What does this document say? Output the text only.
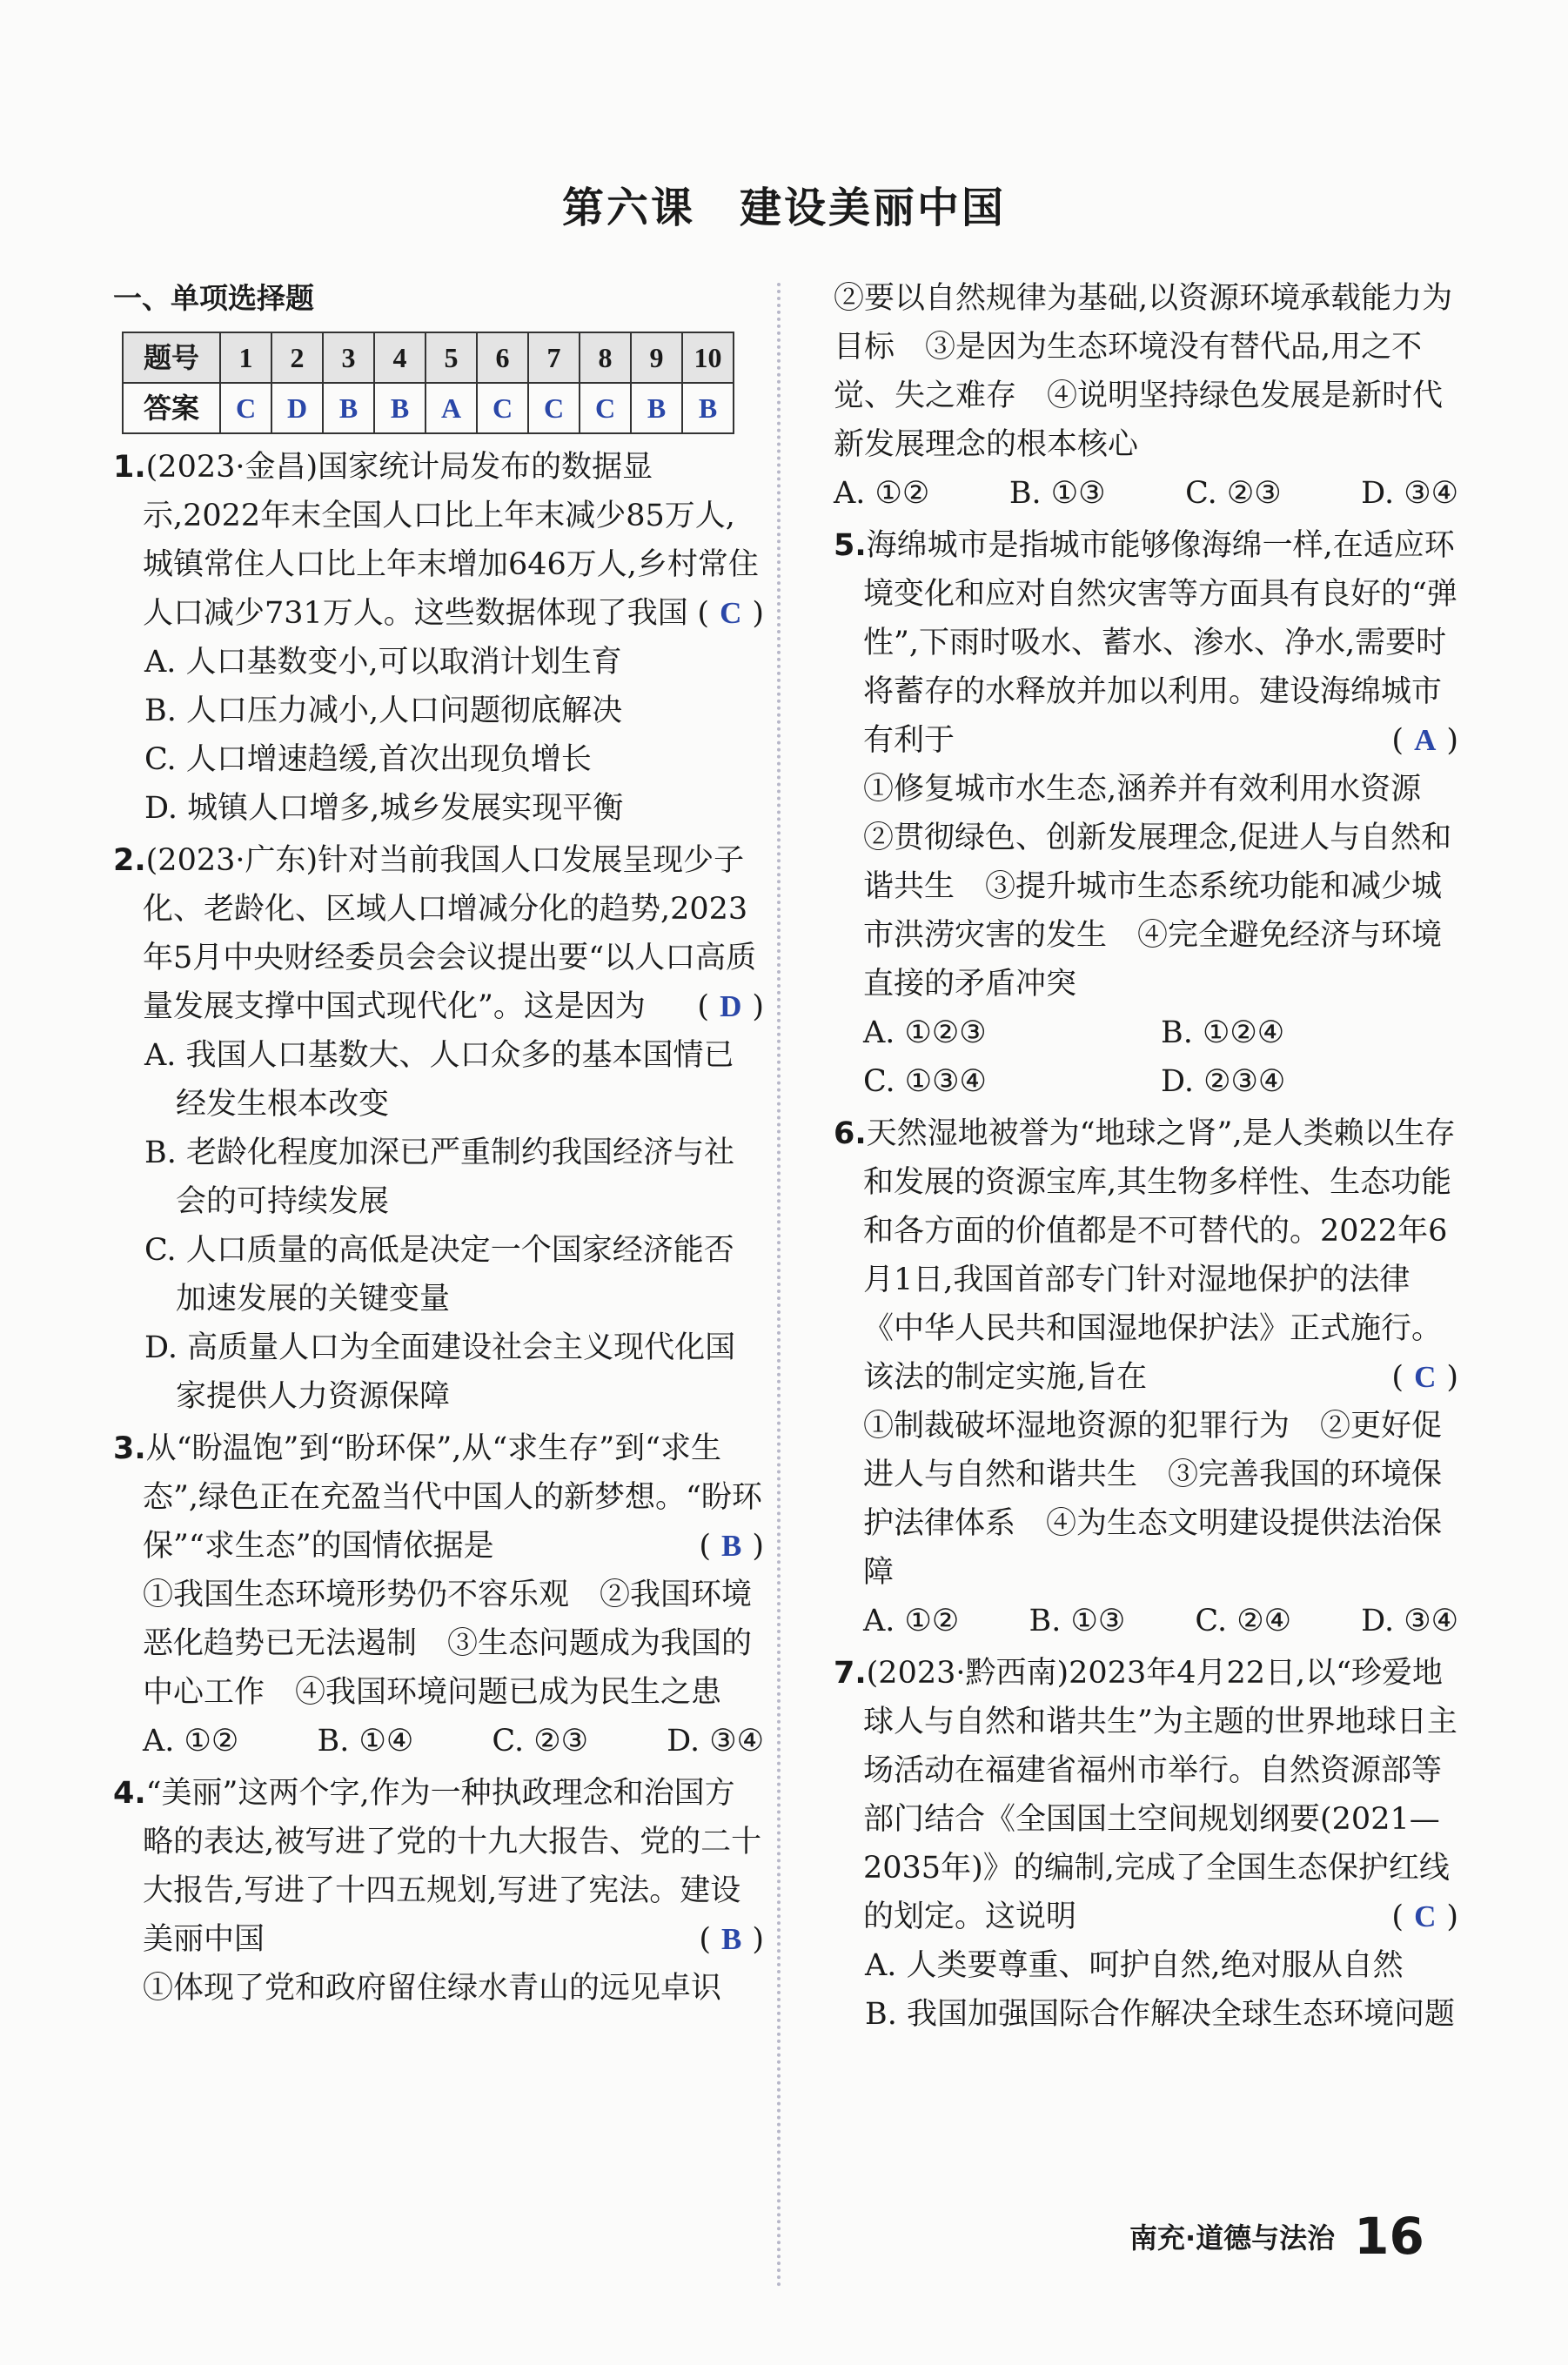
第六课　建设美丽中国
一、单项选择题
题号	1	2	3	4	5	6	7	8	9	10
答案	C	D	B	B	A	C	C	C	B	B
1.(2023·金昌)国家统计局发布的数据显示,2022年末全国人口比上年末减少85万人,城镇常住人口比上年末增加646万人,乡村常住人口减少731万人。这些数据体现了我国 ( C )
A. 人口基数变小,可以取消计划生育
B. 人口压力减小,人口问题彻底解决
C. 人口增速趋缓,首次出现负增长
D. 城镇人口增多,城乡发展实现平衡
2.(2023·广东)针对当前我国人口发展呈现少子化、老龄化、区域人口增减分化的趋势,2023年5月中央财经委员会会议提出要“以人口高质量发展支撑中国式现代化”。这是因为 ( D )
A. 我国人口基数大、人口众多的基本国情已经发生根本改变
B. 老龄化程度加深已严重制约我国经济与社会的可持续发展
C. 人口质量的高低是决定一个国家经济能否加速发展的关键变量
D. 高质量人口为全面建设社会主义现代化国家提供人力资源保障
3.从“盼温饱”到“盼环保”,从“求生存”到“求生态”,绿色正在充盈当代中国人的新梦想。“盼环保”“求生态”的国情依据是	( B )
①我国生态环境形势仍不容乐观　②我国环境恶化趋势已无法遏制　③生态问题成为我国的中心工作　④我国环境问题已成为民生之患
A. ①②	B. ①④	C. ②③	D. ③④
4.“美丽”这两个字,作为一种执政理念和治国方略的表达,被写进了党的十九大报告、党的二十大报告,写进了十四五规划,写进了宪法。建设美丽中国	( B )
①体现了党和政府留住绿水青山的远见卓识
②要以自然规律为基础,以资源环境承载能力为目标　③是因为生态环境没有替代品,用之不觉、失之难存　④说明坚持绿色发展是新时代新发展理念的根本核心
A. ①②	B. ①③	C. ②③	D. ③④
5.海绵城市是指城市能够像海绵一样,在适应环境变化和应对自然灾害等方面具有良好的“弹性”,下雨时吸水、蓄水、渗水、净水,需要时将蓄存的水释放并加以利用。建设海绵城市有利于	( A )
①修复城市水生态,涵养并有效利用水资源 ②贯彻绿色、创新发展理念,促进人与自然和谐共生　③提升城市生态系统功能和减少城市洪涝灾害的发生　④完全避免经济与环境直接的矛盾冲突
A. ①②③	B. ①②④
C. ①③④	D. ②③④
6.天然湿地被誉为“地球之肾”,是人类赖以生存和发展的资源宝库,其生物多样性、生态功能和各方面的价值都是不可替代的。2022年6月1日,我国首部专门针对湿地保护的法律《中华人民共和国湿地保护法》正式施行。该法的制定实施,旨在	( C )
①制裁破坏湿地资源的犯罪行为　②更好促进人与自然和谐共生　③完善我国的环境保护法律体系　④为生态文明建设提供法治保障
A. ①② B. ①③ C. ②④ D. ③④
7.(2023·黔西南)2023年4月22日,以“珍爱地球人与自然和谐共生”为主题的世界地球日主场活动在福建省福州市举行。自然资源部等部门结合《全国国土空间规划纲要(2021—2035年)》的编制,完成了全国生态保护红线的划定。这说明	( C )
A. 人类要尊重、呵护自然,绝对服从自然
B. 我国加强国际合作解决全球生态环境问题
南充·道德与法治 16
